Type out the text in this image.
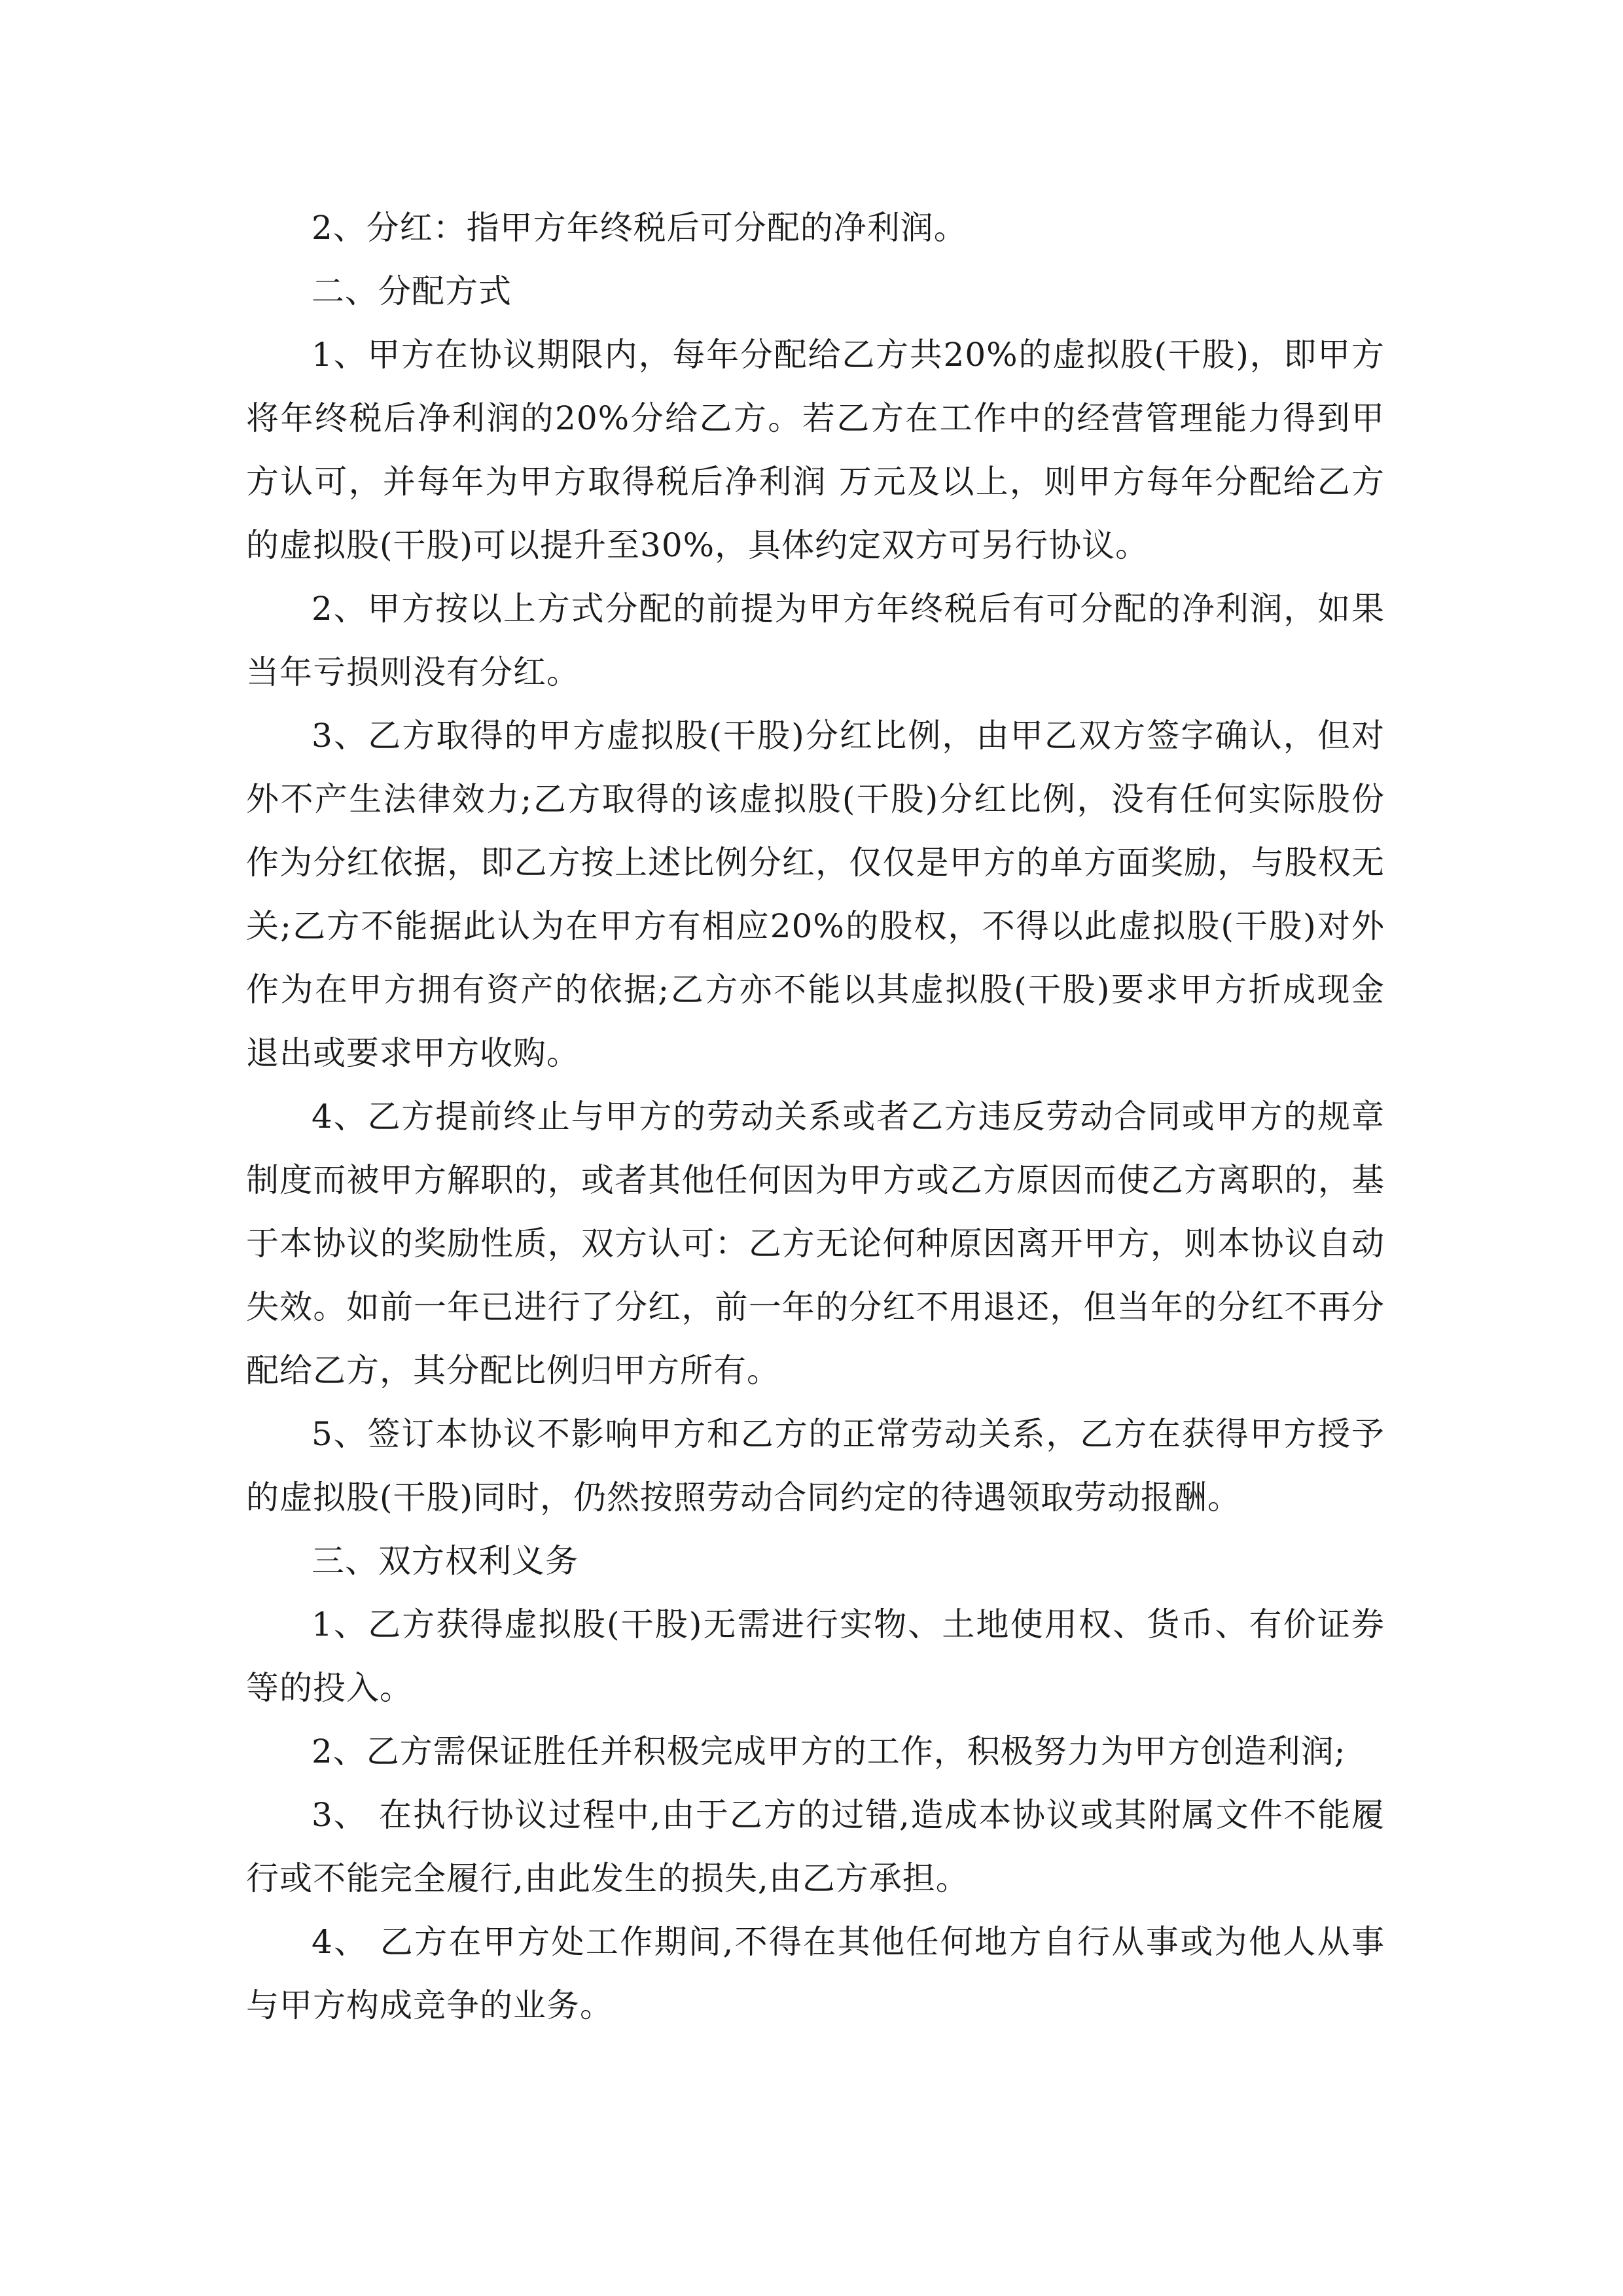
2、分红：指甲方年终税后可分配的净利润。

二、分配方式

1、甲方在协议期限内，每年分配给乙方共20%的虚拟股(干股)，即甲方将年终税后净利润的20%分给乙方。若乙方在工作中的经营管理能力得到甲方认可，并每年为甲方取得税后净利润 万元及以上，则甲方每年分配给乙方的虚拟股(干股)可以提升至30%，具体约定双方可另行协议。

2、甲方按以上方式分配的前提为甲方年终税后有可分配的净利润，如果当年亏损则没有分红。

3、乙方取得的甲方虚拟股(干股)分红比例，由甲乙双方签字确认，但对外不产生法律效力;乙方取得的该虚拟股(干股)分红比例，没有任何实际股份作为分红依据，即乙方按上述比例分红，仅仅是甲方的单方面奖励，与股权无关;乙方不能据此认为在甲方有相应20%的股权，不得以此虚拟股(干股)对外作为在甲方拥有资产的依据;乙方亦不能以其虚拟股(干股)要求甲方折成现金退出或要求甲方收购。

4、乙方提前终止与甲方的劳动关系或者乙方违反劳动合同或甲方的规章制度而被甲方解职的，或者其他任何因为甲方或乙方原因而使乙方离职的，基于本协议的奖励性质，双方认可：乙方无论何种原因离开甲方，则本协议自动失效。如前一年已进行了分红，前一年的分红不用退还，但当年的分红不再分配给乙方，其分配比例归甲方所有。

5、签订本协议不影响甲方和乙方的正常劳动关系，乙方在获得甲方授予的虚拟股(干股)同时，仍然按照劳动合同约定的待遇领取劳动报酬。

三、双方权利义务

1、乙方获得虚拟股(干股)无需进行实物、土地使用权、货币、有价证券等的投入。

2、乙方需保证胜任并积极完成甲方的工作，积极努力为甲方创造利润;

3、 在执行协议过程中,由于乙方的过错,造成本协议或其附属文件不能履行或不能完全履行,由此发生的损失,由乙方承担。

4、 乙方在甲方处工作期间,不得在其他任何地方自行从事或为他人从事与甲方构成竞争的业务。
